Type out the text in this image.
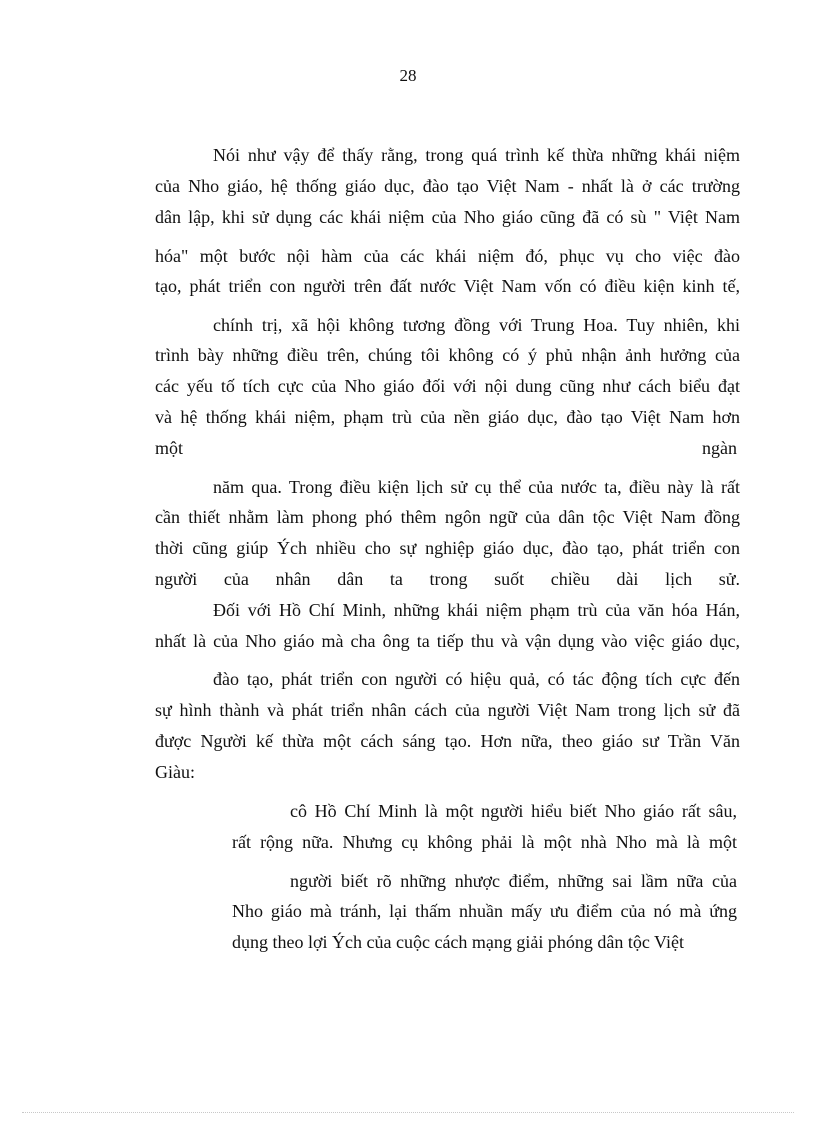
28
Nói như vậy để thấy rằng, trong quá trình kế thừa những khái niệm
của Nho giáo, hệ thống giáo dục, đào tạo Việt Nam - nhất là ở các trường
dân lập, khi sử dụng các khái niệm của Nho giáo cũng đã có sù " Việt Nam
hóa" một bước nội hàm của các khái niệm đó, phục vụ cho việc đào
tạo, phát triển con người trên đất nước Việt Nam vốn có điều kiện kinh tế,
chính trị, xã hội không tương đồng với Trung Hoa. Tuy nhiên, khi
trình bày những điều trên, chúng tôi không có ý phủ nhận ảnh hưởng của
các yếu tố tích cực của Nho giáo đối với nội dung cũng như cách biểu đạt
và hệ thống khái niệm, phạm trù của nền giáo dục, đào tạo Việt Nam hơn
một	ngàn
năm qua. Trong điều kiện lịch sử cụ thể của nước ta, điều này là rất
cần thiết nhằm làm phong phó thêm ngôn ngữ của dân tộc Việt Nam đồng
thời cũng giúp Ých nhiều cho sự nghiệp giáo dục, đào tạo, phát triển con
người của nhân dân ta trong suốt chiều dài lịch sử.
Đối với Hồ Chí Minh, những khái niệm phạm trù của văn hóa Hán,
nhất là của Nho giáo mà cha ông ta tiếp thu và vận dụng vào việc giáo dục,
đào tạo, phát triển con người có hiệu quả, có tác động tích cực đến
sự hình thành và phát triển nhân cách của người Việt Nam trong lịch sử đã
được Người kế thừa một cách sáng tạo. Hơn nữa, theo giáo sư Trần Văn
Giàu:
cô Hồ Chí Minh là một người hiểu biết Nho giáo rất sâu,
rất rộng nữa. Nhưng cụ không phải là một nhà Nho mà là một
người biết rõ những nhược điểm, những sai lầm nữa của
Nho giáo mà tránh, lại thấm nhuần mấy ưu điểm của nó mà ứng
dụng theo lợi Ých của cuộc cách mạng giải phóng dân tộc Việt
